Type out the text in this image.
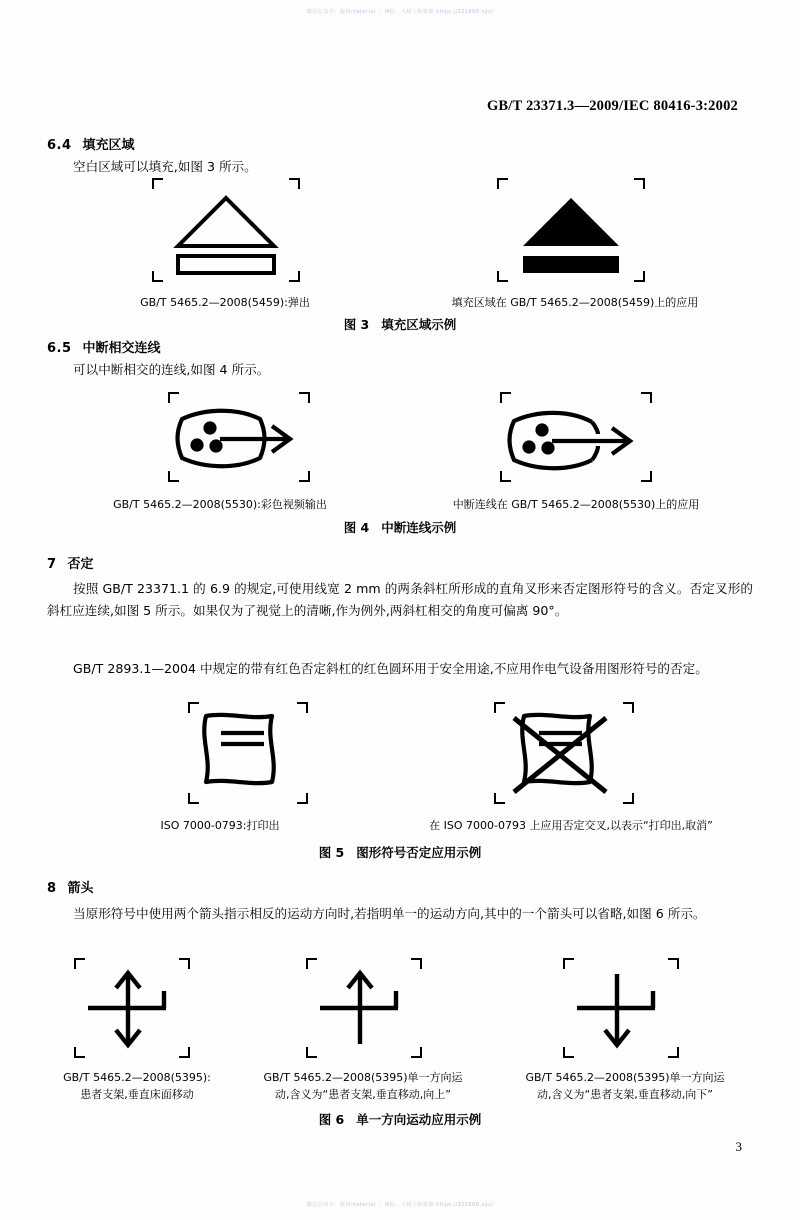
微信公众号：版权material ｜ M标、大厨工程资源 https://321886.xyz/
GB/T 23371.3—2009/IEC 80416-3:2002
6.4 填充区域
空白区域可以填充,如图 3 所示。
GB/T 5465.2—2008(5459):弹出	填充区域在 GB/T 5465.2—2008(5459)上的应用
图 3 填充区域示例
6.5 中断相交连线
可以中断相交的连线,如图 4 所示。
GB/T 5465.2—2008(5530):彩色视频输出	中断连线在 GB/T 5465.2—2008(5530)上的应用
图 4 中断连线示例
7 否定
按照 GB/T 23371.1 的 6.9 的规定,可使用线宽 2 mm 的两条斜杠所形成的直角叉形来否定图形符号的含义。否定叉形的斜杠应连续,如图 5 所示。如果仅为了视觉上的清晰,作为例外,两斜杠相交的角度可偏离 90°。
GB/T 2893.1—2004 中规定的带有红色否定斜杠的红色圆环用于安全用途,不应用作电气设备用图形符号的否定。
ISO 7000-0793:打印出	在 ISO 7000-0793 上应用否定交叉,以表示“打印出,取消”
图 5 图形符号否定应用示例
8 箭头
当原形符号中使用两个箭头指示相反的运动方向时,若指明单一的运动方向,其中的一个箭头可以省略,如图 6 所示。
GB/T 5465.2—2008(5395):
患者支架,垂直床面移动
GB/T 5465.2—2008(5395)单一方向运
动,含义为“患者支架,垂直移动,向上”
GB/T 5465.2—2008(5395)单一方向运
动,含义为“患者支架,垂直移动,向下”
图 6 单一方向运动应用示例
3
微信公众号：版权material ｜ M标、大厨工程资源 https://321886.xyz/
